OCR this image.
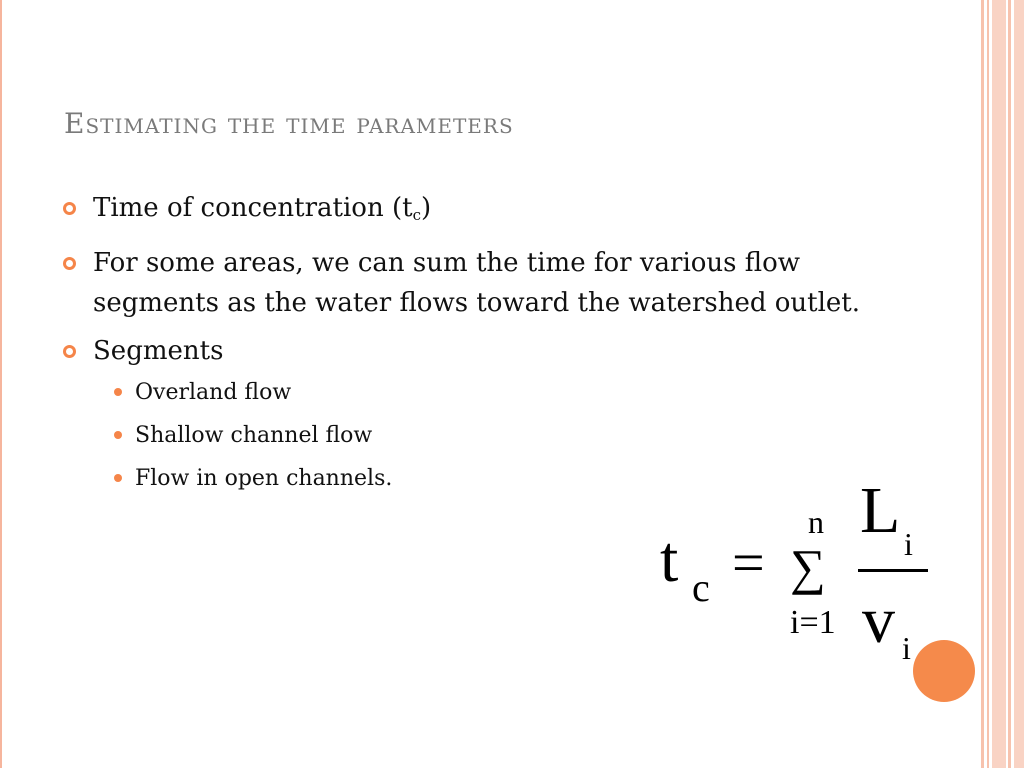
Estimating the time parameters
Time of concentration $(t_c)$
For some areas, we can sum the time for various flow segments as the water flows toward the watershed outlet.
Segments
Overland flow
Shallow channel flow
Flow in open channels.
t c =
n
∑
i=1
L i
v i
